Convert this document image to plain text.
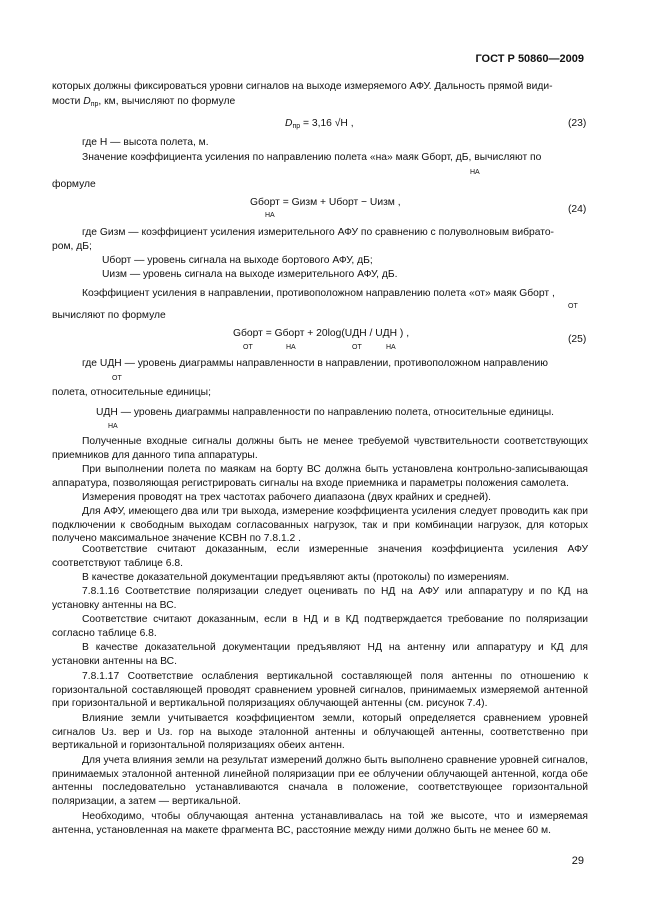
ГОСТ Р 50860—2009
которых должны фиксироваться уровни сигналов на выходе измеряемого АФУ. Дальность прямой види-
мости $D_{пр}$, км, вычисляют по формуле
$D_{пр} = 3,16$ √H ,	(23)
где H — высота полета, м.
Значение коэффициента усиления по направлению полета «на» маяк Gборт, дБ, вычисляют по
НА
формуле
Gборт = Gизм + Uборт − Uизм ,
НА
(24)
где Gизм — коэффициент усиления измерительного АФУ по сравнению с полуволновым вибрато-
ром, дБ;
Uборт — уровень сигнала на выходе бортового АФУ, дБ;
Uизм — уровень сигнала на выходе измерительного АФУ, дБ.
Коэффициент усиления в направлении, противоположном направлению полета «от» маяк Gборт ,
ОТ
вычисляют по формуле
Gборт = Gборт + 20log(UДН / UДН ) ,
ОТ	НА	ОТ	НА
(25)
где UДН — уровень диаграммы направленности в направлении, противоположном направлению
ОТ
полета, относительные единицы;
UДН — уровень диаграммы направленности по направлению полета, относительные единицы.
НА
Полученные входные сигналы должны быть не менее требуемой чувствительности соответствующих приемников для данного типа аппаратуры.
При выполнении полета по маякам на борту ВС должна быть установлена контрольно-записывающая аппаратура, позволяющая регистрировать сигналы на входе приемника и параметры положения самолета.
Измерения проводят на трех частотах рабочего диапазона (двух крайних и средней).
Для АФУ, имеющего два или три выхода, измерение коэффициента усиления следует проводить как при подключении к свободным выходам согласованных нагрузок, так и при комбинации нагрузок, для которых получено максимальное значение КСВН по 7.8.1.2 .
Соответствие считают доказанным, если измеренные значения коэффициента усиления АФУ соответствуют таблице 6.8.
В качестве доказательной документации предъявляют акты (протоколы) по измерениям.
7.8.1.16 Соответствие поляризации следует оценивать по НД на АФУ или аппаратуру и по КД на установку антенны на ВС.
Соответствие считают доказанным, если в НД и в КД подтверждается требование по поляризации согласно таблице 6.8.
В качестве доказательной документации предъявляют НД на антенну или аппаратуру и КД для установки антенны на ВС.
7.8.1.17 Соответствие ослабления вертикальной составляющей поля антенны по отношению к горизонтальной составляющей проводят сравнением уровней сигналов, принимаемых измеряемой антенной при горизонтальной и вертикальной поляризациях облучающей антенны (см. рисунок 7.4).
Влияние земли учитывается коэффициентом земли, который определяется сравнением уровней сигналов Uз. вер и Uз. гор на выходе эталонной антенны и облучающей антенны, соответственно при вертикальной и горизонтальной поляризациях обеих антенн.
Для учета влияния земли на результат измерений должно быть выполнено сравнение уровней сигналов, принимаемых эталонной антенной линейной поляризации при ее облучении облучающей антенной, когда обе антенны последовательно устанавливаются сначала в положение, соответствующее горизонтальной поляризации, а затем — вертикальной.
Необходимо, чтобы облучающая антенна устанавливалась на той же высоте, что и измеряемая антенна, установленная на макете фрагмента ВС, расстояние между ними должно быть не менее 60 м.
29
